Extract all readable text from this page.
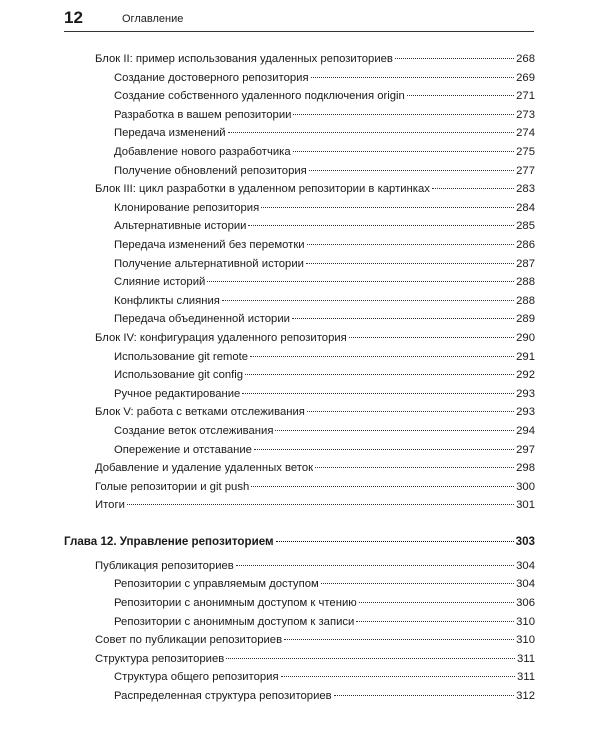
12	Оглавление
Блок II: пример использования удаленных репозиториев	268
Создание достоверного репозитория	269
Создание собственного удаленного подключения origin	271
Разработка в вашем репозитории	273
Передача изменений	274
Добавление нового разработчика	275
Получение обновлений репозитория	277
Блок III: цикл разработки в удаленном репозитории в картинках	283
Клонирование репозитория	284
Альтернативные истории	285
Передача изменений без перемотки	286
Получение альтернативной истории	287
Слияние историй	288
Конфликты слияния	288
Передача объединенной истории	289
Блок IV: конфигурация удаленного репозитория	290
Использование git remote	291
Использование git config	292
Ручное редактирование	293
Блок V: работа с ветками отслеживания	293
Создание веток отслеживания	294
Опережение и отставание	297
Добавление и удаление удаленных веток	298
Голые репозитории и git push	300
Итоги	301
Глава 12. Управление репозиторием	303
Публикация репозиториев	304
Репозитории с управляемым доступом	304
Репозитории с анонимным доступом к чтению	306
Репозитории с анонимным доступом к записи	310
Совет по публикации репозиториев	310
Структура репозиториев	311
Структура общего репозитория	311
Распределенная структура репозиториев	312
